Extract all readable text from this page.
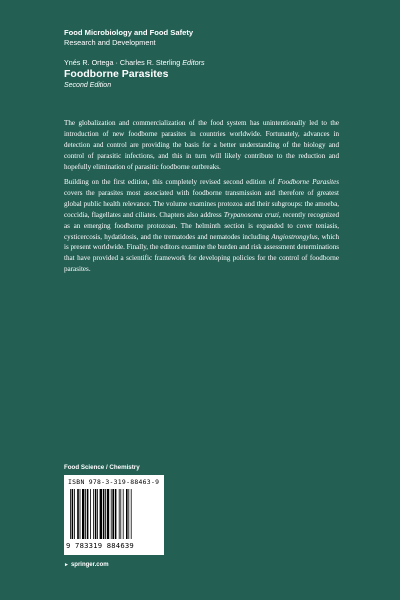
Food Microbiology and Food Safety
Research and Development
Ynés R. Ortega · Charles R. Sterling Editors
Foodborne Parasites
Second Edition

The globalization and commercialization of the food system has unintentionally led to the introduction of new foodborne parasites in countries worldwide. Fortunately, advances in detection and control are providing the basis for a better understanding of the biology and control of parasitic infections, and this in turn will likely contribute to the reduction and hopefully elimination of parasitic foodborne outbreaks.

Building on the first edition, this completely revised second edition of Foodborne Parasites covers the parasites most associated with foodborne transmission and therefore of greatest global public health relevance. The volume examines protozoa and their subgroups: the amoeba, coccidia, flagellates and ciliates. Chapters also address Trypanosoma cruzi, recently recognized as an emerging foodborne protozoan. The helminth section is expanded to cover teniasis, cysticercosis, hydatidosis, and the trematodes and nematodes including Angiostrongylus, which is present worldwide. Finally, the editors examine the burden and risk assessment determinations that have provided a scientific framework for developing policies for the control of foodborne parasites.

Food Science / Chemistry
ISBN 978-3-319-88463-9
9 783319 884639
► springer.com
